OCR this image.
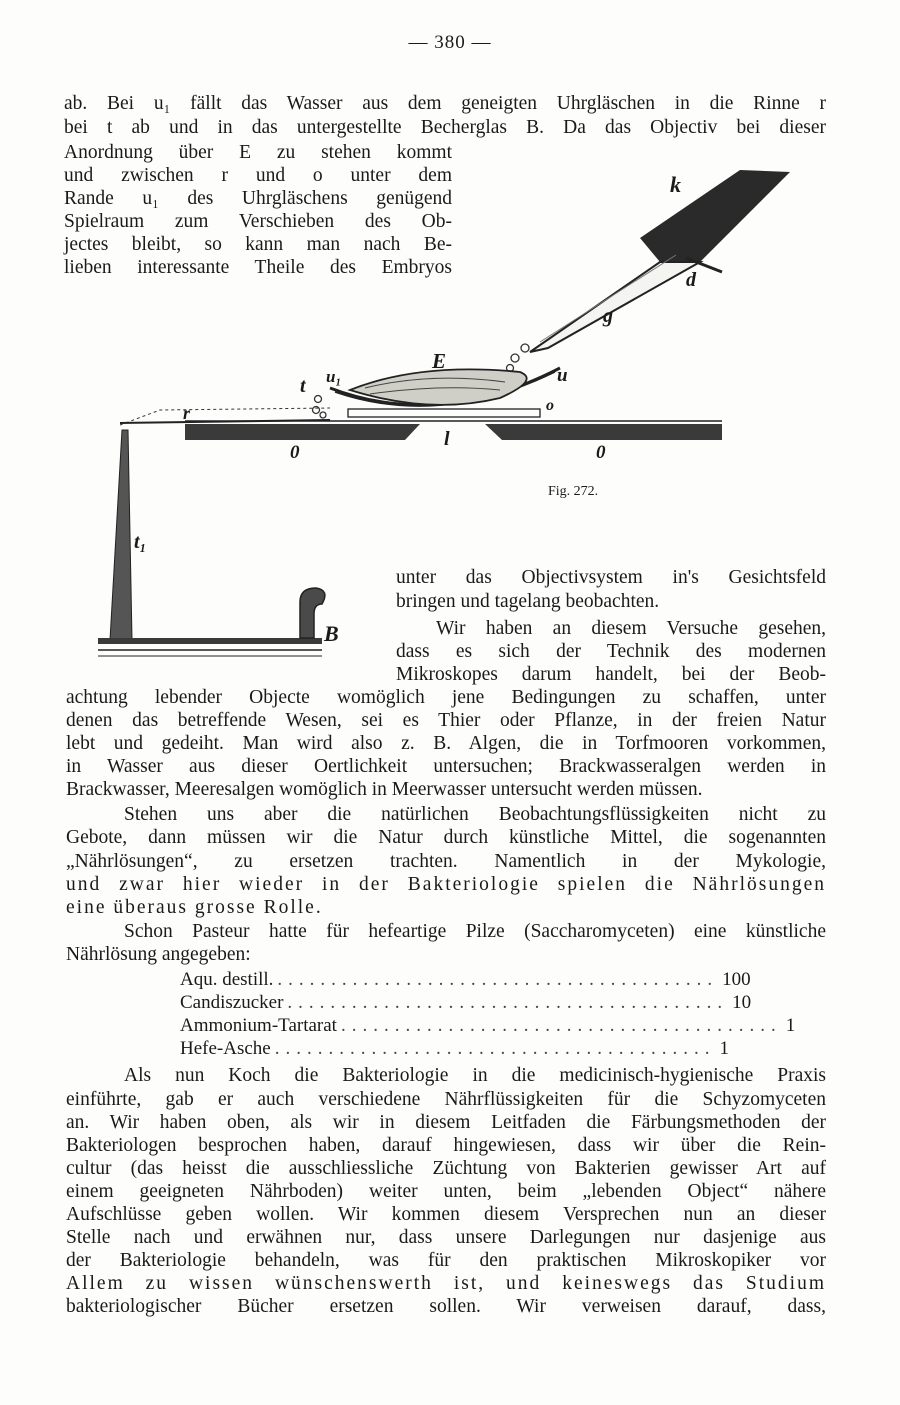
— 380 —
ab. Bei u₁ fällt das Wasser aus dem geneigten Uhrgläschen in die Rinne r
bei t ab und in das untergestellte Becherglas B. Da das Objectiv bei dieser
Anordnung über E zu stehen kommt
und zwischen r und o unter dem
Rande u₁ des Uhrgläschens genügend
Spielraum zum Verschieben des Ob-
jectes bleibt, so kann man nach Be-
lieben interessante Theile des Embryos
k
d
g
E
u
u₁
t
r	o
l
0	0
t₁
B
Fig. 272.
unter das Objectivsystem in's Gesichtsfeld
bringen und tagelang beobachten.
Wir haben an diesem Versuche gesehen,
dass es sich der Technik des modernen
Mikroskopes darum handelt, bei der Beob-
achtung lebender Objecte womöglich jene Bedingungen zu schaffen, unter
denen das betreffende Wesen, sei es Thier oder Pflanze, in der freien Natur
lebt und gedeiht. Man wird also z. B. Algen, die in Torfmooren vorkommen,
in Wasser aus dieser Oertlichkeit untersuchen; Brackwasseralgen werden in
Brackwasser, Meeresalgen womöglich in Meerwasser untersucht werden müssen.
Stehen uns aber die natürlichen Beobachtungsflüssigkeiten nicht zu
Gebote, dann müssen wir die Natur durch künstliche Mittel, die sogenannten
„Nährlösungen“, zu ersetzen trachten. Namentlich in der Mykologie,
und zwar hier wieder in der Bakteriologie spielen die Nährlösungen
eine überaus grosse Rolle.
Schon Pasteur hatte für hefeartige Pilze (Saccharomyceten) eine künstliche
Nährlösung angegeben:
Aqu. destill. ......................................... 100
Candiszucker ......................................... 10
Ammonium-Tartarat ......................................... 1
Hefe-Asche ......................................... 1
Als nun Koch die Bakteriologie in die medicinisch-hygienische Praxis
einführte, gab er auch verschiedene Nährflüssigkeiten für die Schyzomyceten
an. Wir haben oben, als wir in diesem Leitfaden die Färbungsmethoden der
Bakteriologen besprochen haben, darauf hingewiesen, dass wir über die Rein-
cultur (das heisst die ausschliessliche Züchtung von Bakterien gewisser Art auf
einem geeigneten Nährboden) weiter unten, beim „lebenden Object“ nähere
Aufschlüsse geben wollen. Wir kommen diesem Versprechen nun an dieser
Stelle nach und erwähnen nur, dass unsere Darlegungen nur dasjenige aus
der Bakteriologie behandeln, was für den praktischen Mikroskopiker vor
Allem zu wissen wünschenswerth ist, und keineswegs das Studium
bakteriologischer Bücher ersetzen sollen. Wir verweisen darauf, dass,
